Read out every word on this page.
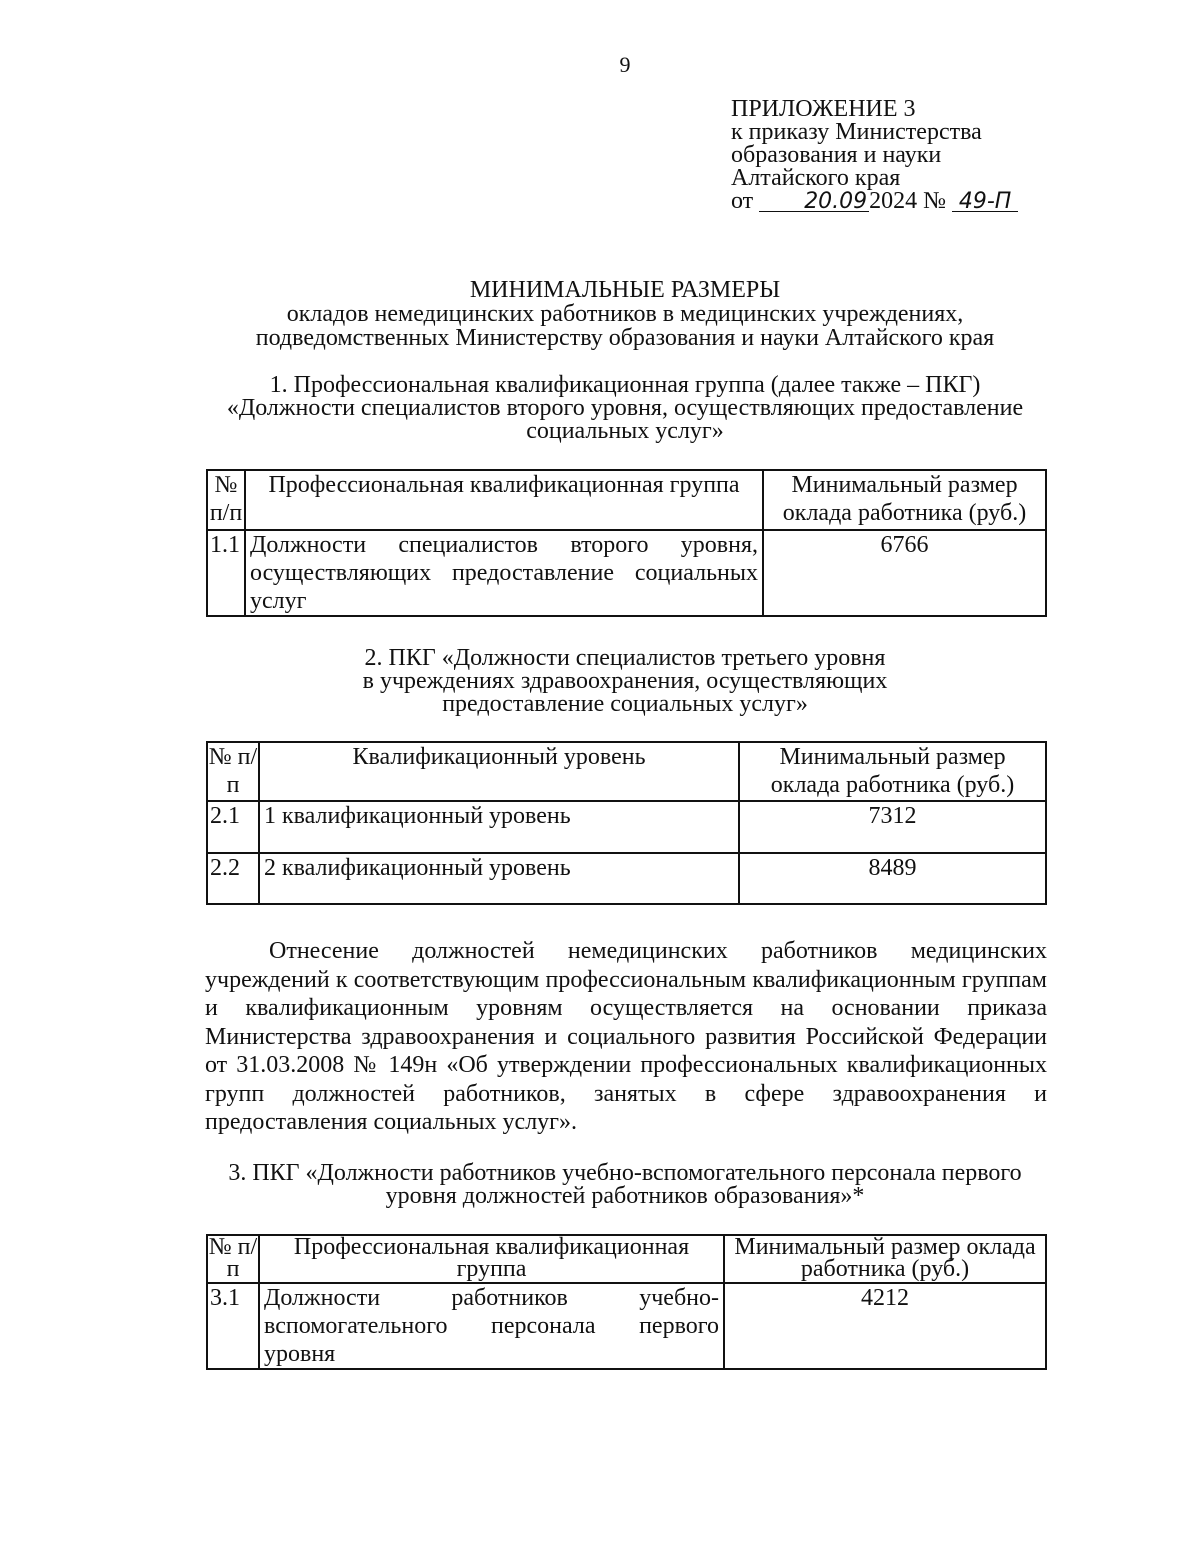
9
ПРИЛОЖЕНИЕ 3
к приказу Министерства
образования и науки
Алтайского края
от 20.092024 № 49-П
МИНИМАЛЬНЫЕ РАЗМЕРЫ
окладов немедицинских работников в медицинских учреждениях,
подведомственных Министерству образования и науки Алтайского края
1. Профессиональная квалификационная группа (далее также – ПКГ)
«Должности специалистов второго уровня, осуществляющих предоставление
социальных услуг»
№ п/п	Профессиональная квалификационная группа	Минимальный размер оклада работника (руб.)
1.1	Должности специалистов второго уровня, осуществляющих предоставление социальных услуг	6766
2. ПКГ «Должности специалистов третьего уровня
в учреждениях здравоохранения, осуществляющих
предоставление социальных услуг»
№ п/п	Квалификационный уровень	Минимальный размер оклада работника (руб.)
2.1	1 квалификационный уровень	7312
2.2	2 квалификационный уровень	8489
Отнесение должностей немедицинских работников медицинских учреждений к соответствующим профессиональным квалификационным группам и квалификационным уровням осуществляется на основании приказа Министерства здравоохранения и социального развития Российской Федерации от 31.03.2008 № 149н «Об утверждении профессиональных квалификационных групп должностей работников, занятых в сфере здравоохранения и предоставления социальных услуг».
3. ПКГ «Должности работников учебно-вспомогательного персонала первого
уровня должностей работников образования»*
№ п/п	Профессиональная квалификационная группа	Минимальный размер оклада работника (руб.)
3.1	Должности работников учебно-вспомогательного персонала первого уровня	4212
